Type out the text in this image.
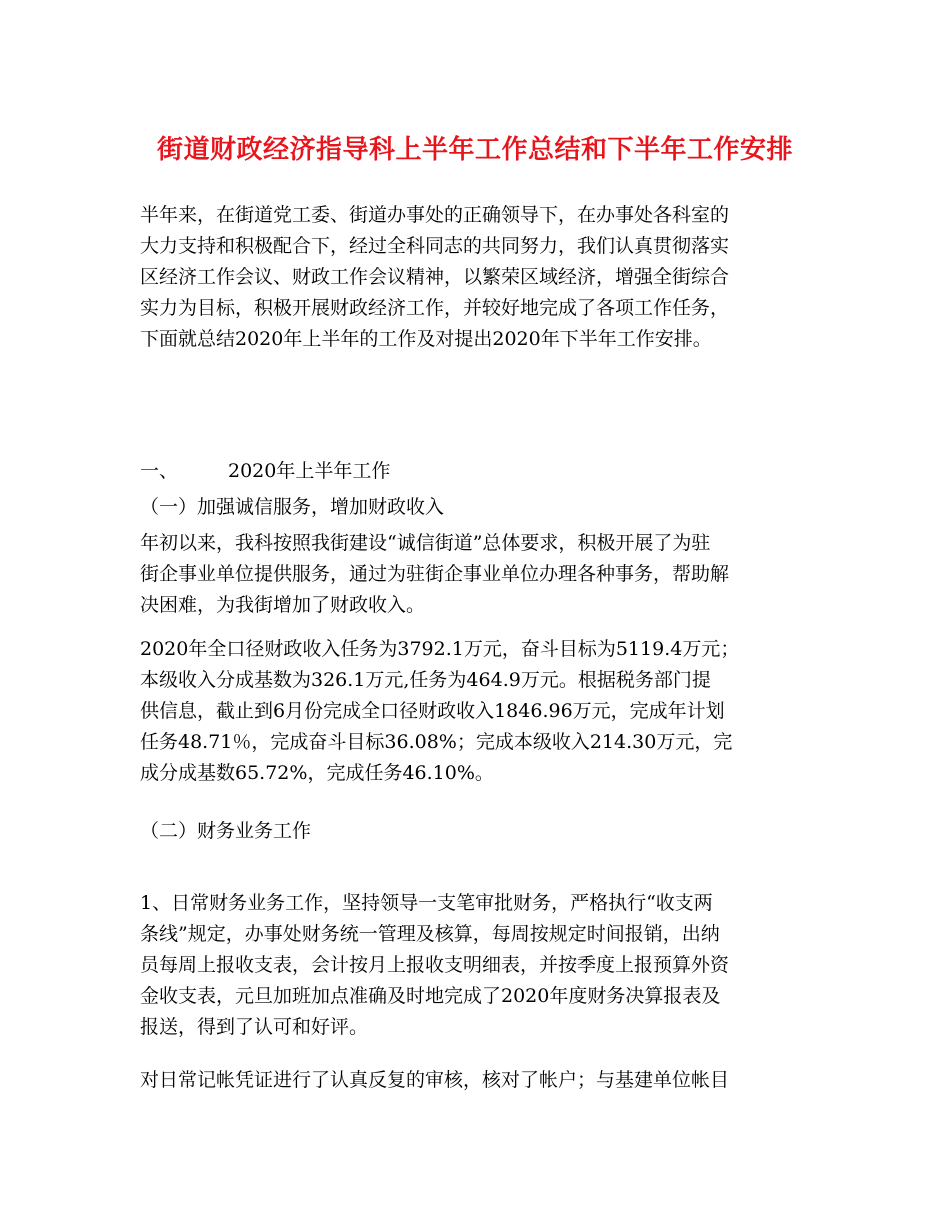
街道财政经济指导科上半年工作总结和下半年工作安排
半年来，在街道党工委、街道办事处的正确领导下，在办事处各科室的
大力支持和积极配合下，经过全科同志的共同努力，我们认真贯彻落实
区经济工作会议、财政工作会议精神，以繁荣区域经济，增强全街综合
实力为目标，积极开展财政经济工作，并较好地完成了各项工作任务，
下面就总结2020年上半年的工作及对提出2020年下半年工作安排。
一、	2020年上半年工作
（一）加强诚信服务，增加财政收入
年初以来，我科按照我街建设“诚信街道”总体要求，积极开展了为驻
街企事业单位提供服务，通过为驻街企事业单位办理各种事务，帮助解
决困难，为我街增加了财政收入。
2020年全口径财政收入任务为3792.1万元，奋斗目标为5119.4万元；
本级收入分成基数为326.1万元,任务为464.9万元。根据税务部门提
供信息，截止到6月份完成全口径财政收入1846.96万元，完成年计划
任务48.71％，完成奋斗目标36.08%；完成本级收入214.30万元，完
成分成基数65.72%，完成任务46.10%。
（二）财务业务工作
1、日常财务业务工作，坚持领导一支笔审批财务，严格执行“收支两
条线”规定，办事处财务统一管理及核算，每周按规定时间报销，出纳
员每周上报收支表，会计按月上报收支明细表，并按季度上报预算外资
金收支表，元旦加班加点准确及时地完成了2020年度财务决算报表及
报送，得到了认可和好评。
对日常记帐凭证进行了认真反复的审核，核对了帐户；与基建单位帐目
